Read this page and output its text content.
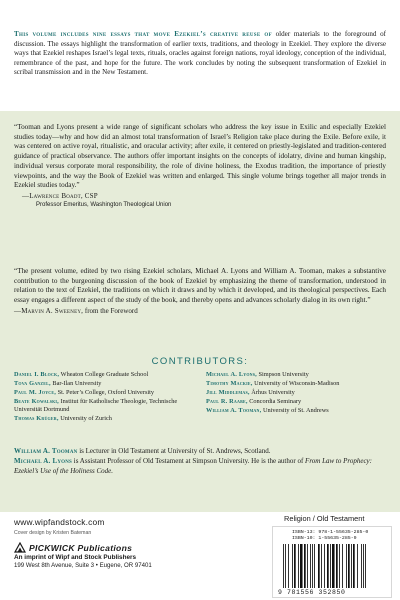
This volume includes nine essays that move Ezekiel’s creative reuse of older materials to the foreground of discussion. The essays highlight the transformation of earlier texts, traditions, and theology in Ezekiel. They explore the diverse ways that Ezekiel reshapes Israel’s legal texts, rituals, oracles against foreign nations, royal ideology, conception of the individual, remembrance of the past, and hope for the future. The work concludes by noting the subsequent transformation of Ezekiel in scribal transmission and in the New Testament.
“Tooman and Lyons present a wide range of significant scholars who address the key issue in Exilic and especially Ezekiel studies today—why and how did an almost total transformation of Israel’s Religion take place during the Exile. Before exile, it was centered on active royal, ritualistic, and oracular activity; after exile, it centered on priestly-legislated and tradition-centered guidance of practical observance. The authors offer important insights on the concepts of idolatry, divine and human kingship, individual versus corporate moral responsibility, the role of divine holiness, the Exodus tradition, the importance of priestly viewpoints, and the way the Book of Ezekiel was written and enlarged. This single volume brings together all major trends in Ezekiel studies today.”
—Lawrence Boadt, CSP
Professor Emeritus, Washington Theological Union
“The present volume, edited by two rising Ezekiel scholars, Michael A. Lyons and William A. Tooman, makes a substantive contribution to the burgeoning discussion of the book of Ezekiel by emphasizing the theme of transformation, understood in relation to the text of Ezekiel, the traditions on which it draws and by which it developed, and its theological perspectives. Each essay engages a different aspect of the study of the book, and thereby opens and advances scholarly dialog in its own right.”
—Marvin A. Sweeney, from the Foreword
CONTRIBUTORS:
Daniel I. Block, Wheaton College Graduate School
Tova Ganzel, Bar-Ilan University
Paul M. Joyce, St. Peter’s College, Oxford University
Beate Kowalski, Institut für Katholische Theologie, Technische Universität Dortmund
Thomas Krüger, University of Zurich
Michael A. Lyons, Simpson University
Timothy Mackie, University of Wisconsin-Madison
Jill Middlemas, Århus University
Paul R. Raabe, Concordia Seminary
William A. Tooman, University of St. Andrews
William A. Tooman is Lecturer in Old Testament at University of St. Andrews, Scotland.
Michael A. Lyons is Assistant Professor of Old Testament at Simpson University. He is the author of From Law to Prophecy: Ezekiel’s Use of the Holiness Code.
www.wipfandstock.com
Cover design by Kristen Bateman
PICKWICK Publications
An imprint of Wipf and Stock Publishers
199 West 8th Avenue, Suite 3 • Eugene, OR 97401
Religion / Old Testament
ISBN-13: 978-1-55635-285-0
ISBN-10: 1-55635-285-9
9 781556 352850
